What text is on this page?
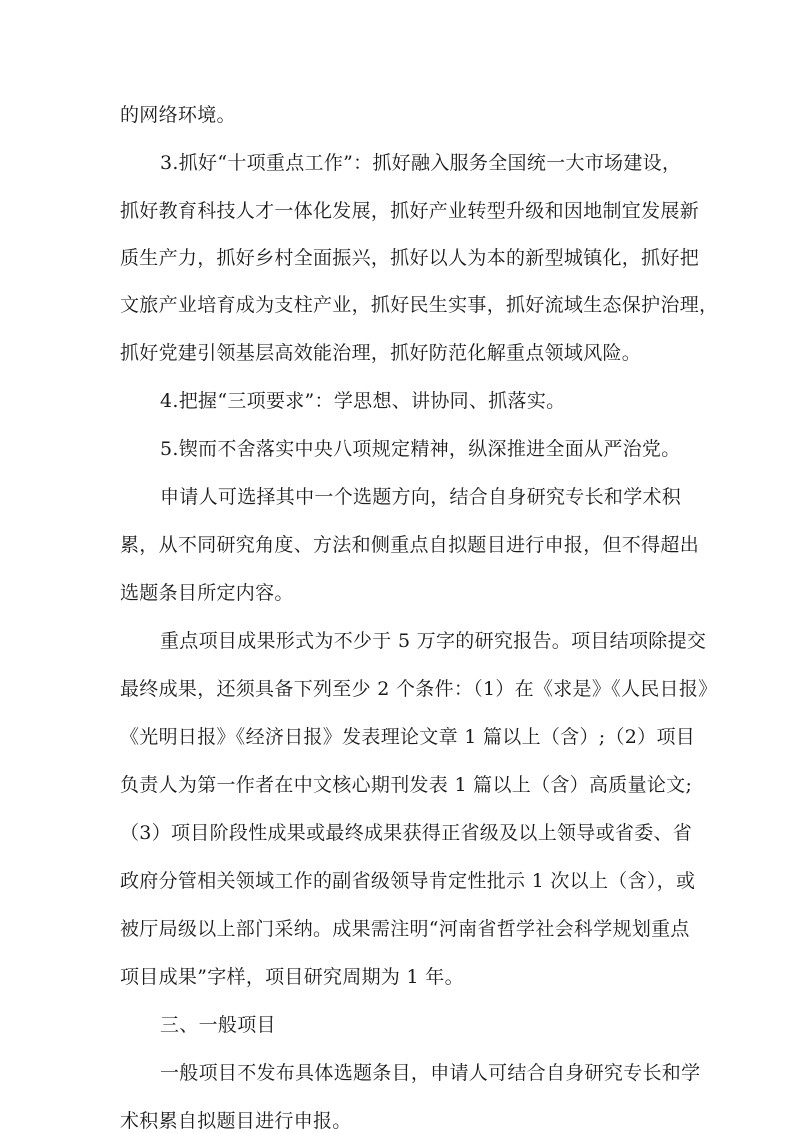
的网络环境。
3.抓好“十项重点工作”：抓好融入服务全国统一大市场建设，
抓好教育科技人才一体化发展，抓好产业转型升级和因地制宜发展新
质生产力，抓好乡村全面振兴，抓好以人为本的新型城镇化，抓好把
文旅产业培育成为支柱产业，抓好民生实事，抓好流域生态保护治理，
抓好党建引领基层高效能治理，抓好防范化解重点领域风险。
4.把握“三项要求”：学思想、讲协同、抓落实。
5.锲而不舍落实中央八项规定精神，纵深推进全面从严治党。
申请人可选择其中一个选题方向，结合自身研究专长和学术积
累，从不同研究角度、方法和侧重点自拟题目进行申报，但不得超出
选题条目所定内容。
重点项目成果形式为不少于 5 万字的研究报告。项目结项除提交
最终成果，还须具备下列至少 2 个条件：（1）在《求是》《人民日报》
《光明日报》《经济日报》发表理论文章 1 篇以上（含）;（2）项目
负责人为第一作者在中文核心期刊发表 1 篇以上（含）高质量论文;
（3）项目阶段性成果或最终成果获得正省级及以上领导或省委、省
政府分管相关领域工作的副省级领导肯定性批示 1 次以上（含），或
被厅局级以上部门采纳。成果需注明“河南省哲学社会科学规划重点
项目成果”字样，项目研究周期为 1 年。
三、一般项目
一般项目不发布具体选题条目，申请人可结合自身研究专长和学
术积累自拟题目进行申报。
